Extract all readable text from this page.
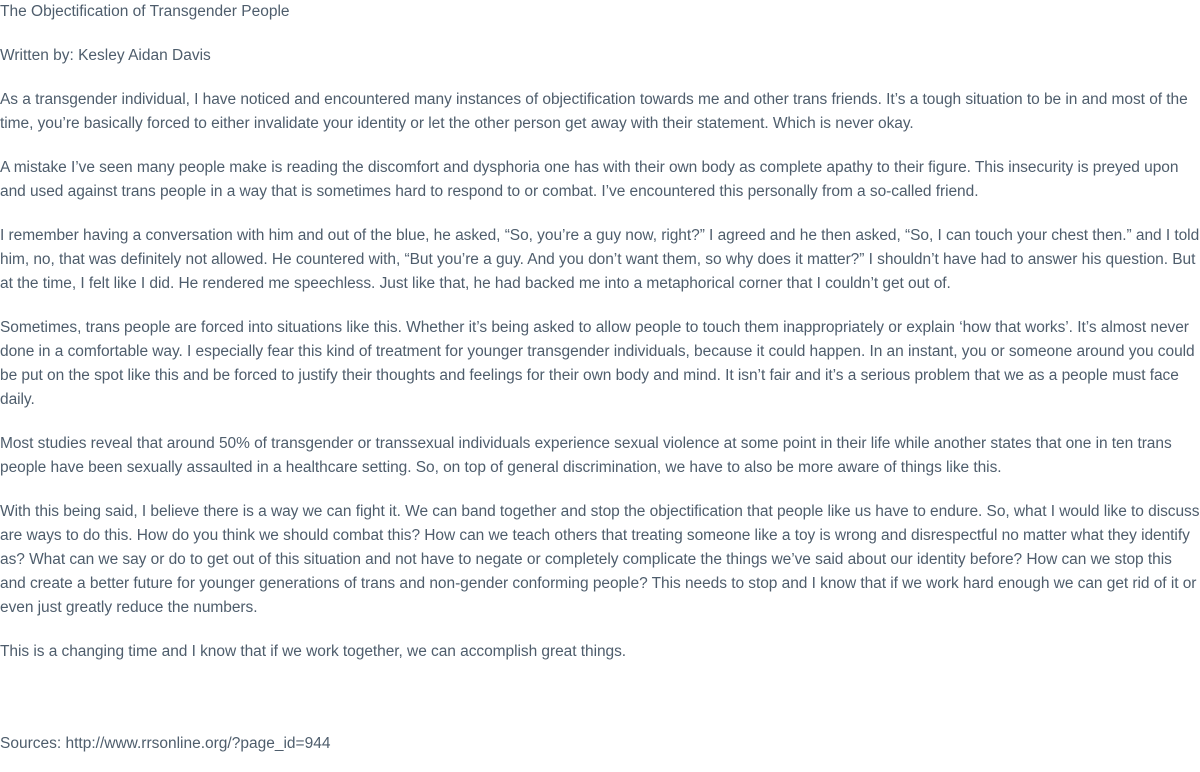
The Objectification of Transgender People

Written by: Kesley Aidan Davis

As a transgender individual, I have noticed and encountered many instances of objectification towards me and other trans friends. It’s a tough situation to be in and most of the time, you’re basically forced to either invalidate your identity or let the other person get away with their statement. Which is never okay.

A mistake I’ve seen many people make is reading the discomfort and dysphoria one has with their own body as complete apathy to their figure. This insecurity is preyed upon and used against trans people in a way that is sometimes hard to respond to or combat. I’ve encountered this personally from a so-called friend.

I remember having a conversation with him and out of the blue, he asked, “So, you’re a guy now, right?” I agreed and he then asked, “So, I can touch your chest then.” and I told him, no, that was definitely not allowed. He countered with, “But you’re a guy. And you don’t want them, so why does it matter?” I shouldn’t have had to answer his question. But at the time, I felt like I did. He rendered me speechless. Just like that, he had backed me into a metaphorical corner that I couldn’t get out of.

Sometimes, trans people are forced into situations like this. Whether it’s being asked to allow people to touch them inappropriately or explain ‘how that works’. It’s almost never done in a comfortable way. I especially fear this kind of treatment for younger transgender individuals, because it could happen. In an instant, you or someone around you could be put on the spot like this and be forced to justify their thoughts and feelings for their own body and mind. It isn’t fair and it’s a serious problem that we as a people must face daily.

Most studies reveal that around 50% of transgender or transsexual individuals experience sexual violence at some point in their life while another states that one in ten trans people have been sexually assaulted in a healthcare setting. So, on top of general discrimination, we have to also be more aware of things like this.

With this being said, I believe there is a way we can fight it. We can band together and stop the objectification that people like us have to endure. So, what I would like to discuss are ways to do this. How do you think we should combat this? How can we teach others that treating someone like a toy is wrong and disrespectful no matter what they identify as? What can we say or do to get out of this situation and not have to negate or completely complicate the things we’ve said about our identity before? How can we stop this and create a better future for younger generations of trans and non-gender conforming people? This needs to stop and I know that if we work hard enough we can get rid of it or even just greatly reduce the numbers.

This is a changing time and I know that if we work together, we can accomplish great things.

Sources: http://www.rrsonline.org/?page_id=944
